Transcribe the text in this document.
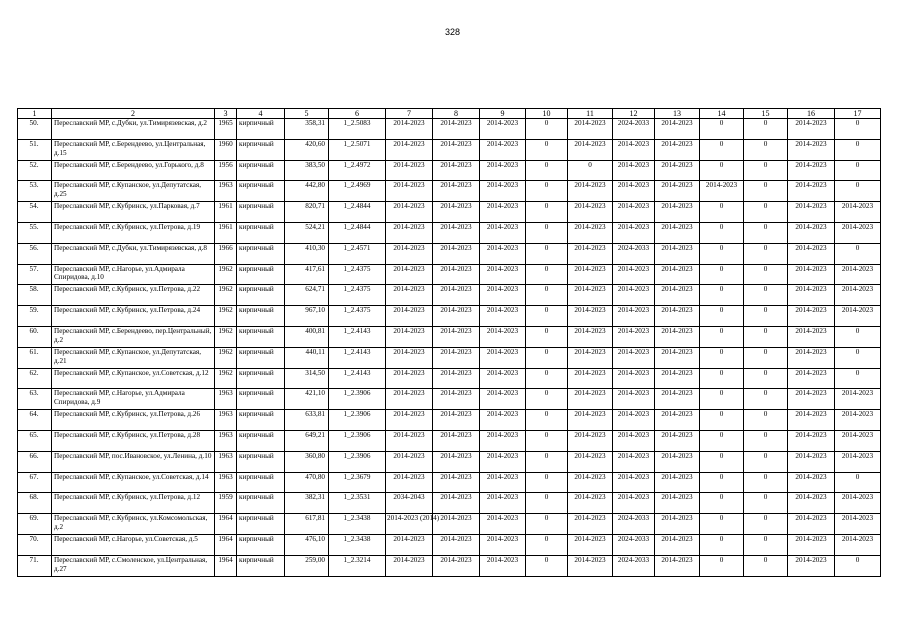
328
1	2	3	4	5	6	7	8	9	10	11	12	13	14	15	16	17
50.	Переславский МР, с.Дубки, ул.Тимирязевская, д.2	1965	кирпичный	358,31	1_2.5083	2014-2023	2014-2023	2014-2023	0	2014-2023	2024-2033	2014-2023	0	0	2014-2023	0
51.	Переславский МР, с.Берендеево, ул.Центральная, д.15	1960	кирпичный	420,60	1_2.5071	2014-2023	2014-2023	2014-2023	0	2014-2023	2014-2023	2014-2023	0	0	2014-2023	0
52.	Переславский МР, с.Берендеево, ул.Горького, д.8	1956	кирпичный	383,50	1_2.4972	2014-2023	2014-2023	2014-2023	0	0	2014-2023	2014-2023	0	0	2014-2023	0
53.	Переславский МР, с.Купанское, ул.Депутатская, д.25	1963	кирпичный	442,80	1_2.4969	2014-2023	2014-2023	2014-2023	0	2014-2023	2014-2023	2014-2023	2014-2023	0	2014-2023	0
54.	Переславский МР, с.Кубринск, ул.Парковая, д.7	1961	кирпичный	820,71	1_2.4844	2014-2023	2014-2023	2014-2023	0	2014-2023	2014-2023	2014-2023	0	0	2014-2023	2014-2023
55.	Переславский МР, с.Кубринск, ул.Петрова, д.19	1961	кирпичный	524,21	1_2.4844	2014-2023	2014-2023	2014-2023	0	2014-2023	2014-2023	2014-2023	0	0	2014-2023	2014-2023
56.	Переславский МР, с.Дубки, ул.Тимирязевская, д.8	1966	кирпичный	410,30	1_2.4571	2014-2023	2014-2023	2014-2023	0	2014-2023	2024-2033	2014-2023	0	0	2014-2023	0
57.	Переславский МР, с.Нагорье, ул.Адмирала Спиридова, д.10	1962	кирпичный	417,61	1_2.4375	2014-2023	2014-2023	2014-2023	0	2014-2023	2014-2023	2014-2023	0	0	2014-2023	2014-2023
58.	Переславский МР, с.Кубринск, ул.Петрова, д.22	1962	кирпичный	624,71	1_2.4375	2014-2023	2014-2023	2014-2023	0	2014-2023	2014-2023	2014-2023	0	0	2014-2023	2014-2023
59.	Переславский МР, с.Кубринск, ул.Петрова, д.24	1962	кирпичный	967,10	1_2.4375	2014-2023	2014-2023	2014-2023	0	2014-2023	2014-2023	2014-2023	0	0	2014-2023	2014-2023
60.	Переславский МР, с.Берендеево, пер.Центральный, д.2	1962	кирпичный	400,81	1_2.4143	2014-2023	2014-2023	2014-2023	0	2014-2023	2014-2023	2014-2023	0	0	2014-2023	0
61.	Переславский МР, с.Купанское, ул.Депутатская, д.21	1962	кирпичный	440,11	1_2.4143	2014-2023	2014-2023	2014-2023	0	2014-2023	2014-2023	2014-2023	0	0	2014-2023	0
62.	Переславский МР, с.Купанское, ул.Советская, д.12	1962	кирпичный	314,50	1_2.4143	2014-2023	2014-2023	2014-2023	0	2014-2023	2014-2023	2014-2023	0	0	2014-2023	0
63.	Переславский МР, с.Нагорье, ул.Адмирала Спиридова, д.9	1963	кирпичный	421,10	1_2.3906	2014-2023	2014-2023	2014-2023	0	2014-2023	2014-2023	2014-2023	0	0	2014-2023	2014-2023
64.	Переславский МР, с.Кубринск, ул.Петрова, д.26	1963	кирпичный	633,81	1_2.3906	2014-2023	2014-2023	2014-2023	0	2014-2023	2014-2023	2014-2023	0	0	2014-2023	2014-2023
65.	Переславский МР, с.Кубринск, ул.Петрова, д.28	1963	кирпичный	649,21	1_2.3906	2014-2023	2014-2023	2014-2023	0	2014-2023	2014-2023	2014-2023	0	0	2014-2023	2014-2023
66.	Переславский МР, пос.Ивановское, ул.Ленина, д.10	1963	кирпичный	360,80	1_2.3906	2014-2023	2014-2023	2014-2023	0	2014-2023	2014-2023	2014-2023	0	0	2014-2023	2014-2023
67.	Переславский МР, с.Купанское, ул.Советская, д.14	1963	кирпичный	470,80	1_2.3679	2014-2023	2014-2023	2014-2023	0	2014-2023	2014-2023	2014-2023	0	0	2014-2023	0
68.	Переславский МР, с.Кубринск, ул.Петрова, д.12	1959	кирпичный	382,31	1_2.3531	2034-2043	2014-2023	2014-2023	0	2014-2023	2014-2023	2014-2023	0	0	2014-2023	2014-2023
69.	Переславский МР, с.Кубринск, ул.Комсомольская, д.2	1964	кирпичный	617,81	1_2.3438	2014-2023 (2014)	2014-2023	2014-2023	0	2014-2023	2024-2033	2014-2023	0	0	2014-2023	2014-2023
70.	Переславский МР, с.Нагорье, ул.Советская, д.5	1964	кирпичный	476,10	1_2.3438	2014-2023	2014-2023	2014-2023	0	2014-2023	2024-2033	2014-2023	0	0	2014-2023	2014-2023
71.	Переславский МР, с.Смоленское, ул.Центральная, д.27	1964	кирпичный	259,00	1_2.3214	2014-2023	2014-2023	2014-2023	0	2014-2023	2024-2033	2014-2023	0	0	2014-2023	0
